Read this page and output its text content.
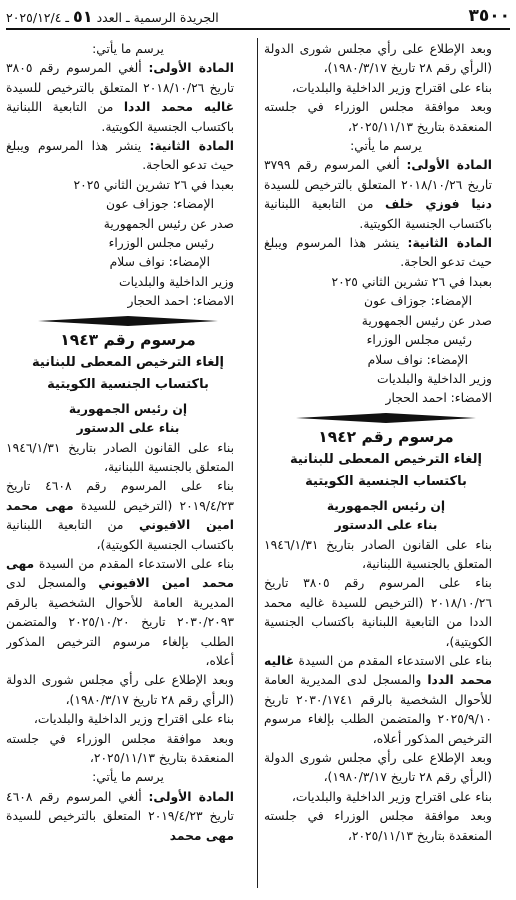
٣٥٠٠
الجريدة الرسمية ـ العدد ٥١ ـ ٢٠٢٥/١٢/٤

وبعد الإطلاع على رأي مجلس شورى الدولة (الرأي رقم ٢٨ تاريخ ١٩٨٠/٣/١٧)،

بناء على اقتراح وزير الداخلية والبلديات،

وبعد موافقة مجلس الوزراء في جلسته المنعقدة بتاريخ ٢٠٢٥/١١/١٣،

يرسم ما يأتي:

المادة الأولى: ألغي المرسوم رقم ٣٧٩٩ تاريخ ٢٠١٨/١٠/٢٦ المتعلق بالترخيص للسيدة دنيا فوزي خلف من التابعية اللبنانية باكتساب الجنسية الكويتية.

المادة الثانية: ينشر هذا المرسوم ويبلغ حيث تدعو الحاجة.

بعبدا في ٢٦ تشرين الثاني ٢٠٢٥

الإمضاء: جوزاف عون

صدر عن رئيس الجمهورية

رئيس مجلس الوزراء

الإمضاء: نواف سلام

وزير الداخلية والبلديات

الامضاء: احمد الحجار

مرسوم رقم ١٩٤٢

إلغاء الترخيص المعطى للبنانية

باكتساب الجنسية الكويتية

إن رئيس الجمهورية

بناء على الدستور

بناء على القانون الصادر بتاريخ ١٩٤٦/١/٣١ المتعلق بالجنسية اللبنانية،

بناء على المرسوم رقم ٣٨٠٥ تاريخ ٢٠١٨/١٠/٢٦ (الترخيص للسيدة غاليه محمد الددا من التابعية اللبنانية باكتساب الجنسية الكويتية)،

بناء على الاستدعاء المقدم من السيدة غاليه محمد الددا والمسجل لدى المديرية العامة للأحوال الشخصية بالرقم ٢٠٣٠/١٧٤١ تاريخ ٢٠٢٥/٩/١٠ والمتضمن الطلب بإلغاء مرسوم الترخيص المذكور أعلاه،

وبعد الإطلاع على رأي مجلس شورى الدولة (الرأي رقم ٢٨ تاريخ ١٩٨٠/٣/١٧)،

بناء على اقتراح وزير الداخلية والبلديات،

وبعد موافقة مجلس الوزراء في جلسته المنعقدة بتاريخ ٢٠٢٥/١١/١٣،

يرسم ما يأتي:

المادة الأولى: ألغي المرسوم رقم ٣٨٠٥ تاريخ ٢٠١٨/١٠/٢٦ المتعلق بالترخيص للسيدة غاليه محمد الددا من التابعية اللبنانية باكتساب الجنسية الكويتية.

المادة الثانية: ينشر هذا المرسوم ويبلغ حيث تدعو الحاجة.

بعبدا في ٢٦ تشرين الثاني ٢٠٢٥

الإمضاء: جوزاف عون

صدر عن رئيس الجمهورية

رئيس مجلس الوزراء

الإمضاء: نواف سلام

وزير الداخلية والبلديات

الامضاء: احمد الحجار

مرسوم رقم ١٩٤٣

إلغاء الترخيص المعطى للبنانية

باكتساب الجنسية الكويتية

إن رئيس الجمهورية

بناء على الدستور

بناء على القانون الصادر بتاريخ ١٩٤٦/١/٣١ المتعلق بالجنسية اللبنانية،

بناء على المرسوم رقم ٤٦٠٨ تاريخ ٢٠١٩/٤/٢٣ (الترخيص للسيدة مهى محمد امين الافيوني من التابعية اللبنانية باكتساب الجنسية الكويتية)،

بناء على الاستدعاء المقدم من السيدة مهى محمد امين الافيوني والمسجل لدى المديرية العامة للأحوال الشخصية بالرقم ٢٠٣٠/٢٠٩٣ تاريخ ٢٠٢٥/١٠/٢٠ والمتضمن الطلب بإلغاء مرسوم الترخيص المذكور أعلاه،

وبعد الإطلاع على رأي مجلس شورى الدولة (الرأي رقم ٢٨ تاريخ ١٩٨٠/٣/١٧)،

بناء على اقتراح وزير الداخلية والبلديات،

وبعد موافقة مجلس الوزراء في جلسته المنعقدة بتاريخ ٢٠٢٥/١١/١٣،

يرسم ما يأتي:

المادة الأولى: ألغي المرسوم رقم ٤٦٠٨ تاريخ ٢٠١٩/٤/٢٣ المتعلق بالترخيص للسيدة مهى محمد
